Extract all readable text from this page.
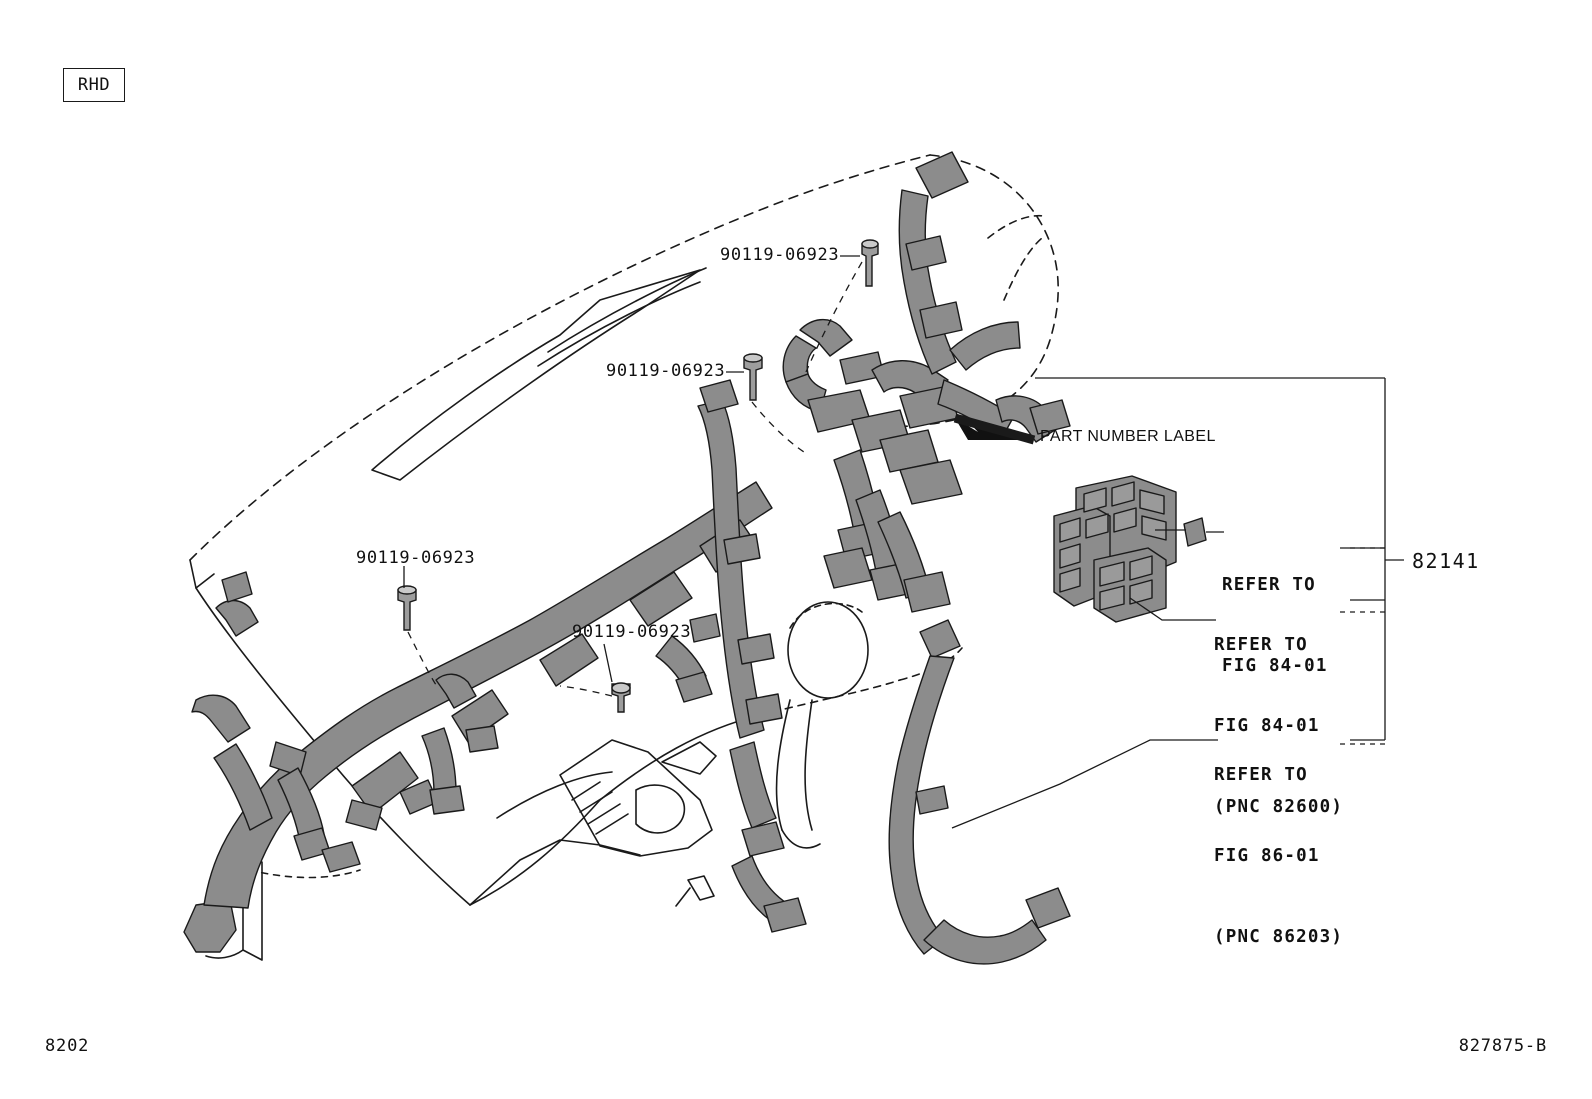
RHD
90119-06923
90119-06923
90119-06923
90119-06923
PART NUMBER LABEL

REFER TO

FIG 84-01

REFER TO

FIG 84-01

(PNC 82600)

REFER TO

FIG 86-01

(PNC 86203)

82141
8202	827875-B
